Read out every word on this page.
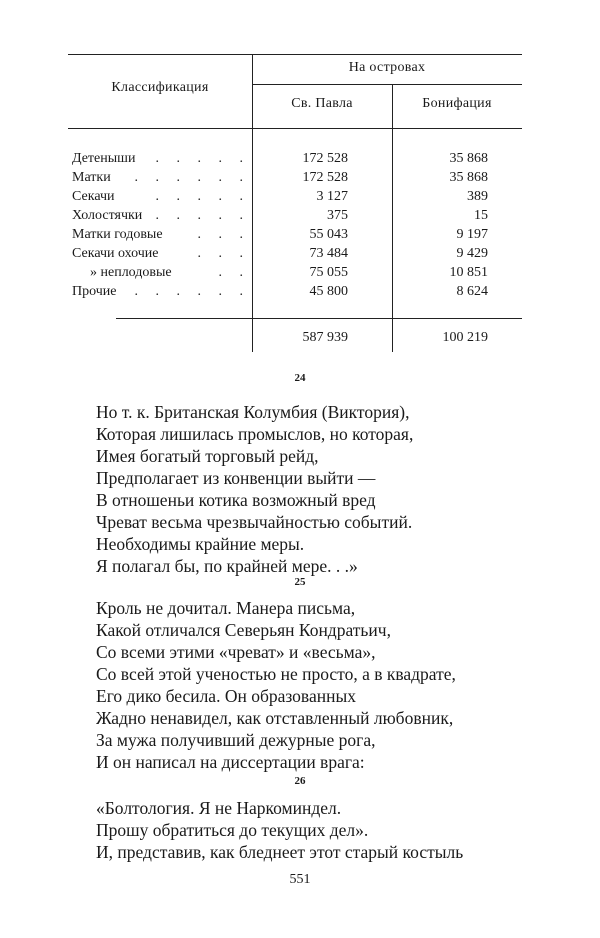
Классификация
На островах
Св. Павла	Бонифация
Детеныши	. . . . .	172 528	35 868
Матки	. . . . . .	172 528	35 868
Секачи	. . . . .	3 127	389
Холостячки . . . . .	375	15
Матки годовые	. . .	55 043	9 197
Секачи охочие	. . .	73 484	9 429
» неплодовые	. .	75 055	10 851
Прочие	. . . . . .	45 800	8 624
587 939	100 219
24
Но т. к. Британская Колумбия (Виктория),
Которая лишилась промыслов, но которая,
Имея богатый торговый рейд,
Предполагает из конвенции выйти —
В отношеньи котика возможный вред
Чреват весьма чрезвычайностью событий.
Необходимы крайние меры.
Я полагал бы, по крайней мере. . .»
25
Кроль не дочитал. Манера письма,
Какой отличался Северьян Кондратьич,
Со всеми этими «чреват» и «весьма»,
Со всей этой ученостью не просто, а в квадрате,
Его дико бесила. Он образованных
Жадно ненавидел, как отставленный любовник,
За мужа получивший дежурные рога,
И он написал на диссертации врага:
26
«Болтология. Я не Наркоминдел.
Прошу обратиться до текущих дел».
И, представив, как бледнеет этот старый костыль
551
